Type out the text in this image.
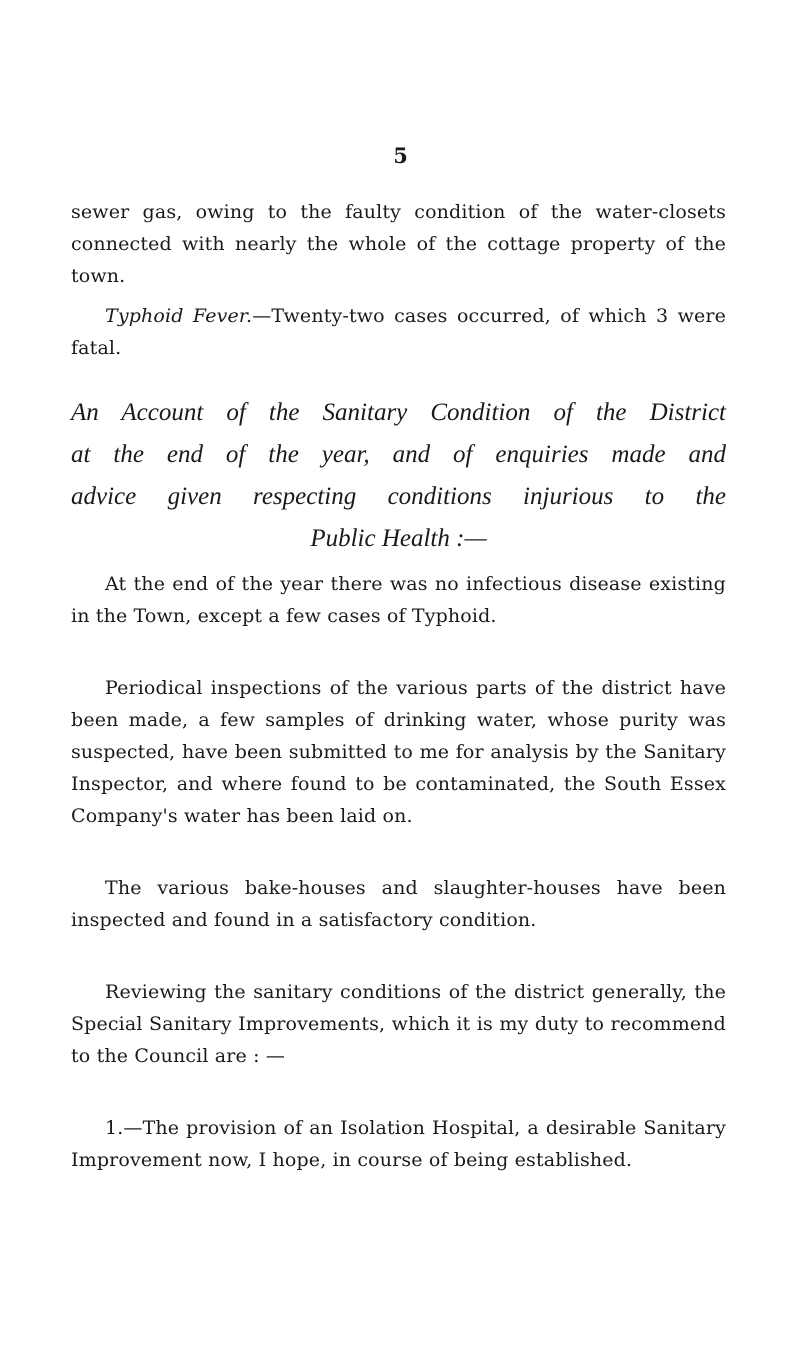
5

sewer gas, owing to the faulty condition of the water-closets connected with nearly the whole of the cottage property of the town.

Typhoid Fever.—Twenty-two cases occurred, of which 3 were fatal.

An Account of the Sanitary Condition of the District
at the end of the year, and of enquiries made and
advice given respecting conditions injurious to the
Public Health :—

At the end of the year there was no infectious disease existing in the Town, except a few cases of Typhoid.

Periodical inspections of the various parts of the district have been made, a few samples of drinking water, whose purity was suspected, have been submitted to me for analysis by the Sanitary Inspector, and where found to be contaminated, the South Essex Company's water has been laid on.

The various bake-houses and slaughter-houses have been inspected and found in a satisfactory condition.

Reviewing the sanitary conditions of the district generally, the Special Sanitary Improvements, which it is my duty to recommend to the Council are : —

1.—The provision of an Isolation Hospital, a desirable Sanitary Improvement now, I hope, in course of being established.
